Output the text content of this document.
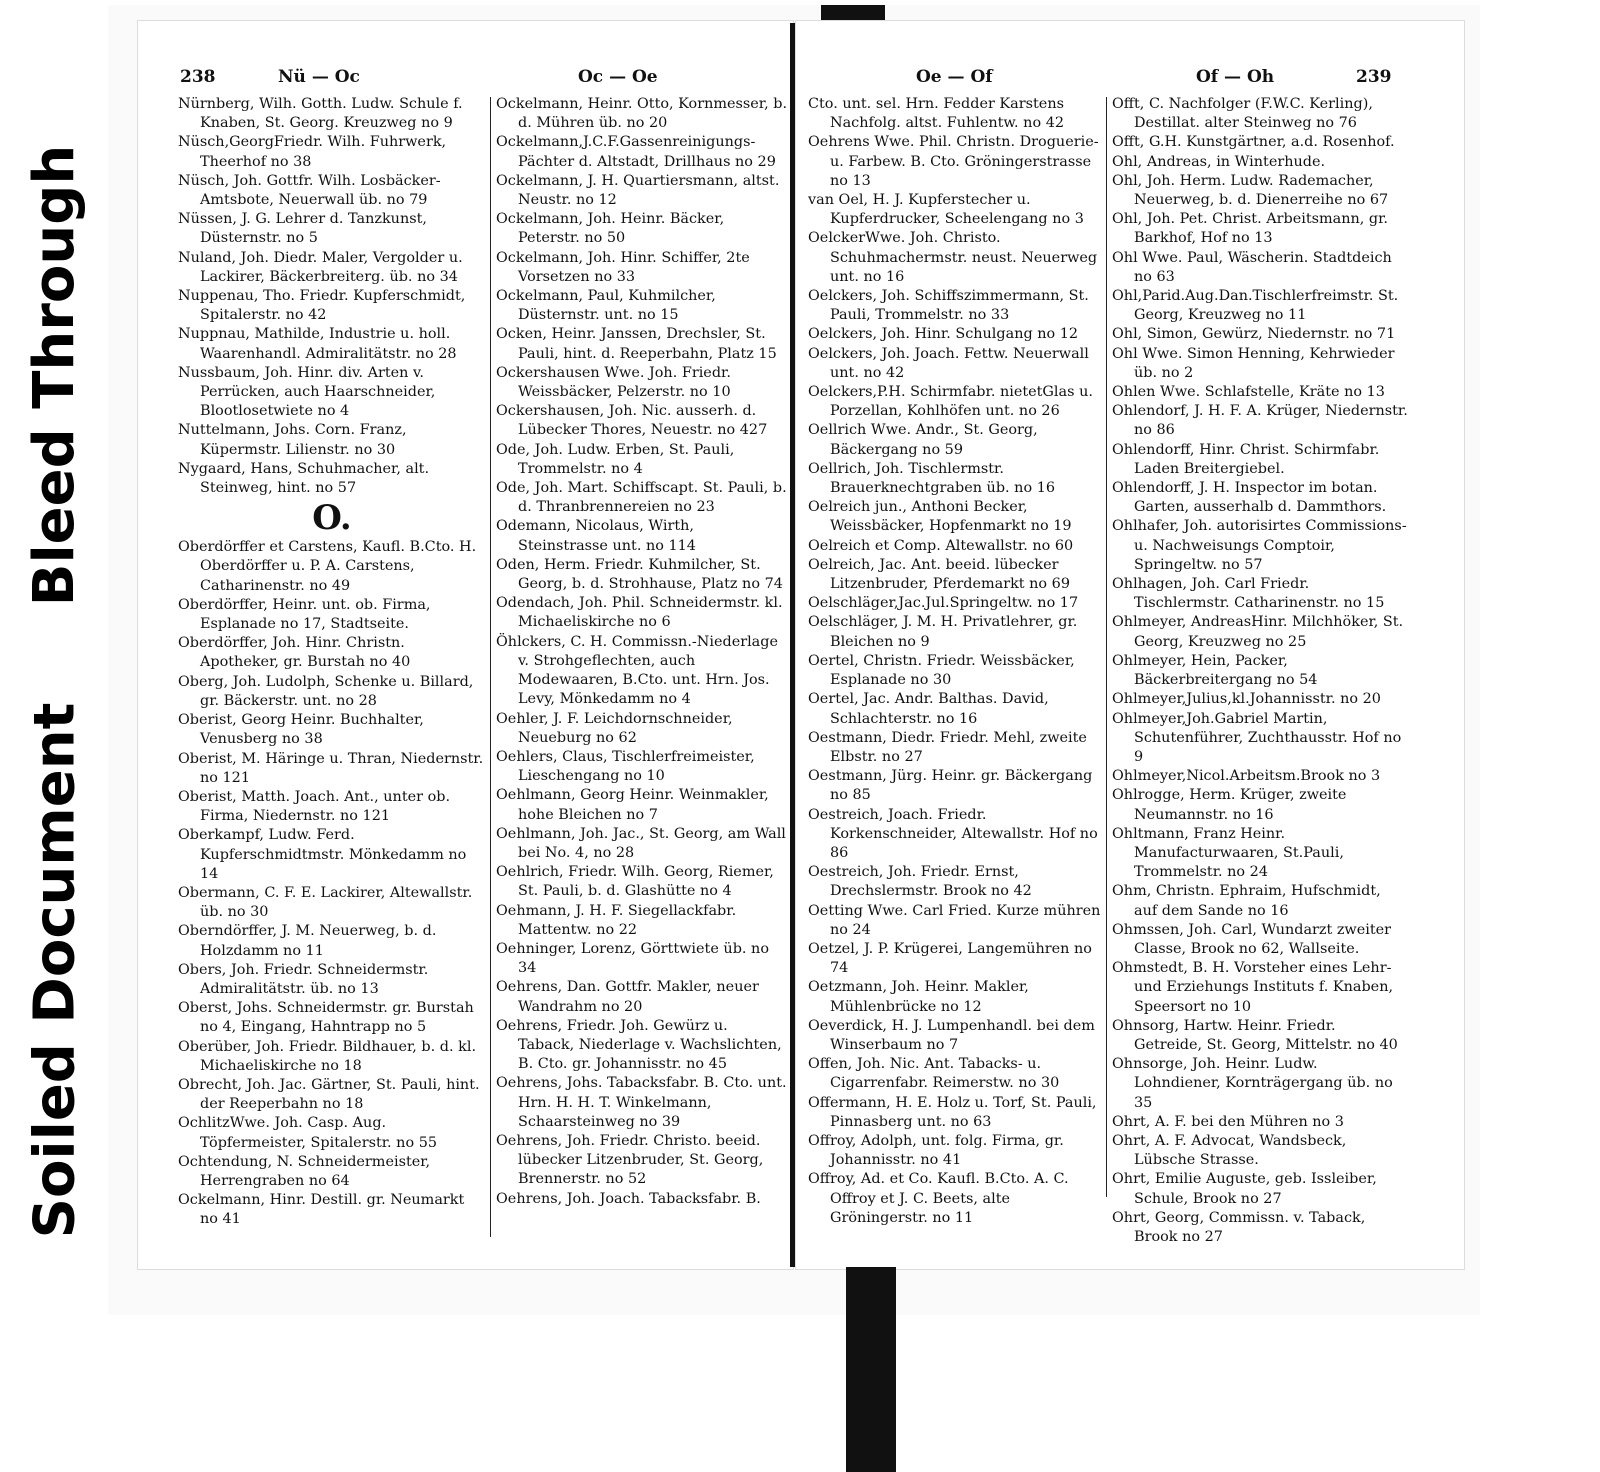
Soiled Document
Bleed Through
238	Nü — Oc	Oc — Oe

Nürnberg, Wilh. Gotth. Ludw. Schule f. Knaben, St. Georg. Kreuzweg no 9

Nüsch,GeorgFriedr. Wilh. Fuhrwerk, Theerhof no 38

Nüsch, Joh. Gottfr. Wilh. Losbäcker-Amtsbote, Neuerwall üb. no 79

Nüssen, J. G. Lehrer d. Tanzkunst, Düsternstr. no 5

Nuland, Joh. Diedr. Maler, Vergolder u. Lackirer, Bäckerbreiterg. üb. no 34

Nuppenau, Tho. Friedr. Kupferschmidt, Spitalerstr. no 42

Nuppnau, Mathilde, Industrie u. holl. Waarenhandl. Admiralitätstr. no 28

Nussbaum, Joh. Hinr. div. Arten v. Perrücken, auch Haarschneider, Blootlosetwiete no 4

Nuttelmann, Johs. Corn. Franz, Küpermstr. Lilienstr. no 30

Nygaard, Hans, Schuhmacher, alt. Steinweg, hint. no 57

O.

Oberdörffer et Carstens, Kaufl. B.Cto. H. Oberdörffer u. P. A. Carstens, Catharinenstr. no 49

Oberdörffer, Heinr. unt. ob. Firma, Esplanade no 17, Stadtseite.

Oberdörffer, Joh. Hinr. Christn. Apotheker, gr. Burstah no 40

Oberg, Joh. Ludolph, Schenke u. Billard, gr. Bäckerstr. unt. no 28

Oberist, Georg Heinr. Buchhalter, Venusberg no 38

Oberist, M. Häringe u. Thran, Niedernstr. no 121

Oberist, Matth. Joach. Ant., unter ob. Firma, Niedernstr. no 121

Oberkampf, Ludw. Ferd. Kupferschmidtmstr. Mönkedamm no 14

Obermann, C. F. E. Lackirer, Altewallstr. üb. no 30

Oberndörffer, J. M. Neuerweg, b. d. Holzdamm no 11

Obers, Joh. Friedr. Schneidermstr. Admiralitätstr. üb. no 13

Oberst, Johs. Schneidermstr. gr. Burstah no 4, Eingang, Hahntrapp no 5

Oberüber, Joh. Friedr. Bildhauer, b. d. kl. Michaeliskirche no 18

Obrecht, Joh. Jac. Gärtner, St. Pauli, hint. der Reeperbahn no 18

OchlitzWwe. Joh. Casp. Aug. Töpfermeister, Spitalerstr. no 55

Ochtendung, N. Schneidermeister, Herrengraben no 64

Ockelmann, Hinr. Destill. gr. Neumarkt no 41

Ockelmann, Heinr. Otto, Kornmesser, b. d. Mühren üb. no 20

Ockelmann,J.C.F.Gassenreinigungs-Pächter d. Altstadt, Drillhaus no 29

Ockelmann, J. H. Quartiersmann, altst. Neustr. no 12

Ockelmann, Joh. Heinr. Bäcker, Peterstr. no 50

Ockelmann, Joh. Hinr. Schiffer, 2te Vorsetzen no 33

Ockelmann, Paul, Kuhmilcher, Düsternstr. unt. no 15

Ocken, Heinr. Janssen, Drechsler, St. Pauli, hint. d. Reeperbahn, Platz 15

Ockershausen Wwe. Joh. Friedr. Weissbäcker, Pelzerstr. no 10

Ockershausen, Joh. Nic. ausserh. d. Lübecker Thores, Neuestr. no 427

Ode, Joh. Ludw. Erben, St. Pauli, Trommelstr. no 4

Ode, Joh. Mart. Schiffscapt. St. Pauli, b. d. Thranbrennereien no 23

Odemann, Nicolaus, Wirth, Steinstrasse unt. no 114

Oden, Herm. Friedr. Kuhmilcher, St. Georg, b. d. Strohhause, Platz no 74

Odendach, Joh. Phil. Schneidermstr. kl. Michaeliskirche no 6

Öhlckers, C. H. Commissn.-Niederlage v. Strohgeflechten, auch Modewaaren, B.Cto. unt. Hrn. Jos. Levy, Mönkedamm no 4

Oehler, J. F. Leichdornschneider, Neueburg no 62

Oehlers, Claus, Tischlerfreimeister, Lieschengang no 10

Oehlmann, Georg Heinr. Weinmakler, hohe Bleichen no 7

Oehlmann, Joh. Jac., St. Georg, am Wall bei No. 4, no 28

Oehlrich, Friedr. Wilh. Georg, Riemer, St. Pauli, b. d. Glashütte no 4

Oehmann, J. H. F. Siegellackfabr. Mattentw. no 22

Oehninger, Lorenz, Görttwiete üb. no 34

Oehrens, Dan. Gottfr. Makler, neuer Wandrahm no 20

Oehrens, Friedr. Joh. Gewürz u. Taback, Niederlage v. Wachslichten, B. Cto. gr. Johannisstr. no 45

Oehrens, Johs. Tabacksfabr. B. Cto. unt. Hrn. H. H. T. Winkelmann, Schaarsteinweg no 39

Oehrens, Joh. Friedr. Christo. beeid. lübecker Litzenbruder, St. Georg, Brennerstr. no 52

Oehrens, Joh. Joach. Tabacksfabr. B.

Oe — Of	Of — Oh	239

Cto. unt. sel. Hrn. Fedder Karstens Nachfolg. altst. Fuhlentw. no 42

Oehrens Wwe. Phil. Christn. Droguerie- u. Farbew. B. Cto. Gröningerstrasse no 13

van Oel, H. J. Kupferstecher u. Kupferdrucker, Scheelengang no 3

OelckerWwe. Joh. Christo. Schuhmachermstr. neust. Neuerweg unt. no 16

Oelckers, Joh. Schiffszimmermann, St. Pauli, Trommelstr. no 33

Oelckers, Joh. Hinr. Schulgang no 12

Oelckers, Joh. Joach. Fettw. Neuerwall unt. no 42

Oelckers,P.H. Schirmfabr. nietetGlas u. Porzellan, Kohlhöfen unt. no 26

Oellrich Wwe. Andr., St. Georg, Bäckergang no 59

Oellrich, Joh. Tischlermstr. Brauerknechtgraben üb. no 16

Oelreich jun., Anthoni Becker, Weissbäcker, Hopfenmarkt no 19

Oelreich et Comp. Altewallstr. no 60

Oelreich, Jac. Ant. beeid. lübecker Litzenbruder, Pferdemarkt no 69

Oelschläger,Jac.Jul.Springeltw. no 17

Oelschläger, J. M. H. Privatlehrer, gr. Bleichen no 9

Oertel, Christn. Friedr. Weissbäcker, Esplanade no 30

Oertel, Jac. Andr. Balthas. David, Schlachterstr. no 16

Oestmann, Diedr. Friedr. Mehl, zweite Elbstr. no 27

Oestmann, Jürg. Heinr. gr. Bäckergang no 85

Oestreich, Joach. Friedr. Korkenschneider, Altewallstr. Hof no 86

Oestreich, Joh. Friedr. Ernst, Drechslermstr. Brook no 42

Oetting Wwe. Carl Fried. Kurze mühren no 24

Oetzel, J. P. Krügerei, Langemühren no 74

Oetzmann, Joh. Heinr. Makler, Mühlenbrücke no 12

Oeverdick, H. J. Lumpenhandl. bei dem Winserbaum no 7

Offen, Joh. Nic. Ant. Tabacks- u. Cigarrenfabr. Reimerstw. no 30

Offermann, H. E. Holz u. Torf, St. Pauli, Pinnasberg unt. no 63

Offroy, Adolph, unt. folg. Firma, gr. Johannisstr. no 41

Offroy, Ad. et Co. Kaufl. B.Cto. A. C. Offroy et J. C. Beets, alte Gröningerstr. no 11

Offt, C. Nachfolger (F.W.C. Kerling), Destillat. alter Steinweg no 76

Offt, G.H. Kunstgärtner, a.d. Rosenhof.

Ohl, Andreas, in Winterhude.

Ohl, Joh. Herm. Ludw. Rademacher, Neuerweg, b. d. Dienerreihe no 67

Ohl, Joh. Pet. Christ. Arbeitsmann, gr. Barkhof, Hof no 13

Ohl Wwe. Paul, Wäscherin. Stadtdeich no 63

Ohl,Parid.Aug.Dan.Tischlerfreimstr. St. Georg, Kreuzweg no 11

Ohl, Simon, Gewürz, Niedernstr. no 71

Ohl Wwe. Simon Henning, Kehrwieder üb. no 2

Ohlen Wwe. Schlafstelle, Kräte no 13

Ohlendorf, J. H. F. A. Krüger, Niedernstr. no 86

Ohlendorff, Hinr. Christ. Schirmfabr. Laden Breitergiebel.

Ohlendorff, J. H. Inspector im botan. Garten, ausserhalb d. Dammthors.

Ohlhafer, Joh. autorisirtes Commissions- u. Nachweisungs Comptoir, Springeltw. no 57

Ohlhagen, Joh. Carl Friedr. Tischlermstr. Catharinenstr. no 15

Ohlmeyer, AndreasHinr. Milchhöker, St. Georg, Kreuzweg no 25

Ohlmeyer, Hein, Packer, Bäckerbreitergang no 54

Ohlmeyer,Julius,kl.Johannisstr. no 20

Ohlmeyer,Joh.Gabriel Martin, Schutenführer, Zuchthausstr. Hof no 9

Ohlmeyer,Nicol.Arbeitsm.Brook no 3

Ohlrogge, Herm. Krüger, zweite Neumannstr. no 16

Ohltmann, Franz Heinr. Manufacturwaaren, St.Pauli, Trommelstr. no 24

Ohm, Christn. Ephraim, Hufschmidt, auf dem Sande no 16

Ohmssen, Joh. Carl, Wundarzt zweiter Classe, Brook no 62, Wallseite.

Ohmstedt, B. H. Vorsteher eines Lehr- und Erziehungs Instituts f. Knaben, Speersort no 10

Ohnsorg, Hartw. Heinr. Friedr. Getreide, St. Georg, Mittelstr. no 40

Ohnsorge, Joh. Heinr. Ludw. Lohndiener, Kornträgergang üb. no 35

Ohrt, A. F. bei den Mühren no 3

Ohrt, A. F. Advocat, Wandsbeck, Lübsche Strasse.

Ohrt, Emilie Auguste, geb. Issleiber, Schule, Brook no 27

Ohrt, Georg, Commissn. v. Taback, Brook no 27
